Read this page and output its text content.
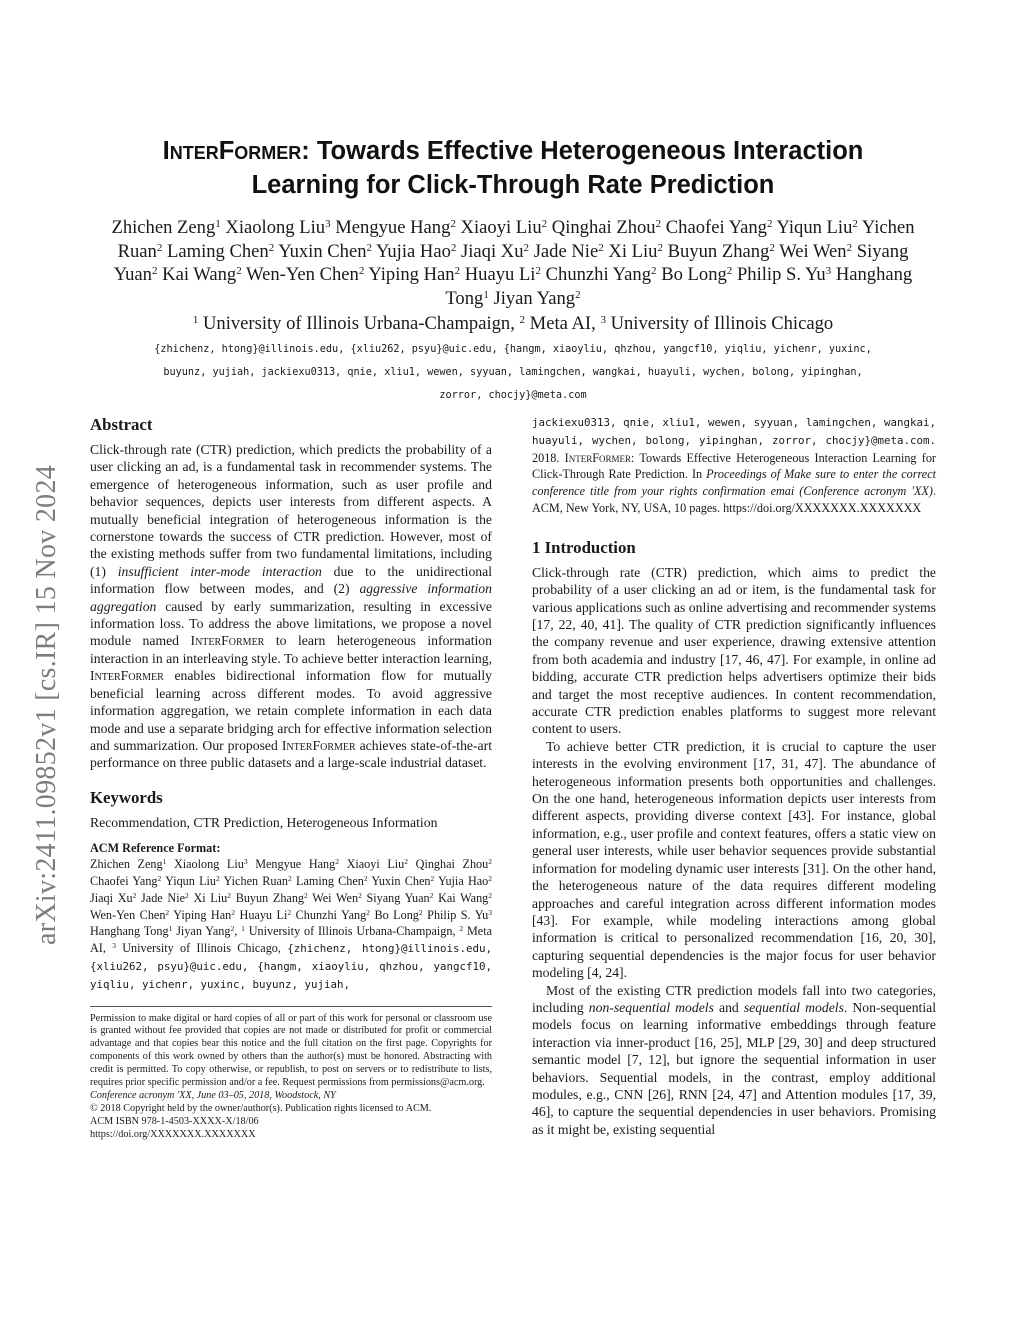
arXiv:2411.09852v1 [cs.IR] 15 Nov 2024
InterFormer: Towards Effective Heterogeneous Interaction
Learning for Click-Through Rate Prediction
Zhichen Zeng$^1$ Xiaolong Liu$^3$ Mengyue Hang$^2$ Xiaoyi Liu$^2$ Qinghai Zhou$^2$ Chaofei Yang$^2$ Yiqun Liu$^2$ Yichen Ruan$^2$ Laming Chen$^2$ Yuxin Chen$^2$ Yujia Hao$^2$ Jiaqi Xu$^2$ Jade Nie$^2$ Xi Liu$^2$ Buyun Zhang$^2$ Wei Wen$^2$ Siyang Yuan$^2$ Kai Wang$^2$ Wen-Yen Chen$^2$ Yiping Han$^2$ Huayu Li$^2$ Chunzhi Yang$^2$ Bo Long$^2$ Philip S. Yu$^3$ Hanghang Tong$^1$ Jiyan Yang$^2$
$^1$ University of Illinois Urbana-Champaign, $^2$ Meta AI, $^3$ University of Illinois Chicago
{zhichenz, htong}@illinois.edu, {xliu262, psyu}@uic.edu, {hangm, xiaoyliu, qhzhou, yangcf10, yiqliu, yichenr, yuxinc,
buyunz, yujiah, jackiexu0313, qnie, xliu1, wewen, syyuan, lamingchen, wangkai, huayuli, wychen, bolong, yipinghan,
zorror, chocjy}@meta.com
Abstract

Click-through rate (CTR) prediction, which predicts the probability of a user clicking an ad, is a fundamental task in recommender systems. The emergence of heterogeneous information, such as user profile and behavior sequences, depicts user interests from different aspects. A mutually beneficial integration of heterogeneous information is the cornerstone towards the success of CTR prediction. However, most of the existing methods suffer from two fundamental limitations, including (1) insufficient inter-mode interaction due to the unidirectional information flow between modes, and (2) aggressive information aggregation caused by early summarization, resulting in excessive information loss. To address the above limitations, we propose a novel module named InterFormer to learn heterogeneous information interaction in an interleaving style. To achieve better interaction learning, InterFormer enables bidirectional information flow for mutually beneficial learning across different modes. To avoid aggressive information aggregation, we retain complete information in each data mode and use a separate bridging arch for effective information selection and summarization. Our proposed InterFormer achieves state-of-the-art performance on three public datasets and a large-scale industrial dataset.

Keywords

Recommendation, CTR Prediction, Heterogeneous Information

ACM Reference Format:
Zhichen Zeng$^1$ Xiaolong Liu$^3$ Mengyue Hang$^2$ Xiaoyi Liu$^2$ Qinghai Zhou$^2$ Chaofei Yang$^2$ Yiqun Liu$^2$ Yichen Ruan$^2$ Laming Chen$^2$ Yuxin Chen$^2$ Yujia Hao$^2$ Jiaqi Xu$^2$ Jade Nie$^2$ Xi Liu$^2$ Buyun Zhang$^2$ Wei Wen$^2$ Siyang Yuan$^2$ Kai Wang$^2$ Wen-Yen Chen$^2$ Yiping Han$^2$ Huayu Li$^2$ Chunzhi Yang$^2$ Bo Long$^2$ Philip S. Yu$^3$ Hanghang Tong$^1$ Jiyan Yang$^2$, $^1$ University of Illinois Urbana-Champaign, $^2$ Meta AI, $^3$ University of Illinois Chicago, {zhichenz, htong}@illinois.edu, {xliu262, psyu}@uic.edu, {hangm, xiaoyliu, qhzhou, yangcf10, yiqliu, yichenr, yuxinc, buyunz, yujiah,
Permission to make digital or hard copies of all or part of this work for personal or classroom use is granted without fee provided that copies are not made or distributed for profit or commercial advantage and that copies bear this notice and the full citation on the first page. Copyrights for components of this work owned by others than the author(s) must be honored. Abstracting with credit is permitted. To copy otherwise, or republish, to post on servers or to redistribute to lists, requires prior specific permission and/or a fee. Request permissions from permissions@acm.org.
Conference acronym 'XX, June 03–05, 2018, Woodstock, NY
© 2018 Copyright held by the owner/author(s). Publication rights licensed to ACM.
ACM ISBN 978-1-4503-XXXX-X/18/06
https://doi.org/XXXXXXX.XXXXXXX
jackiexu0313, qnie, xliu1, wewen, syyuan, lamingchen, wangkai, huayuli, wychen, bolong, yipinghan, zorror, chocjy}@meta.com. 2018. InterFormer: Towards Effective Heterogeneous Interaction Learning for Click-Through Rate Prediction. In Proceedings of Make sure to enter the correct conference title from your rights confirmation emai (Conference acronym 'XX). ACM, New York, NY, USA, 10 pages. https://doi.org/XXXXXXX.XXXXXXX
1 Introduction

Click-through rate (CTR) prediction, which aims to predict the probability of a user clicking an ad or item, is the fundamental task for various applications such as online advertising and recommender systems [17, 22, 40, 41]. The quality of CTR prediction significantly influences the company revenue and user experience, drawing extensive attention from both academia and industry [17, 46, 47]. For example, in online ad bidding, accurate CTR prediction helps advertisers optimize their bids and target the most receptive audiences. In content recommendation, accurate CTR prediction enables platforms to suggest more relevant content to users.

To achieve better CTR prediction, it is crucial to capture the user interests in the evolving environment [17, 31, 47]. The abundance of heterogeneous information presents both opportunities and challenges. On the one hand, heterogeneous information depicts user interests from different aspects, providing diverse context [43]. For instance, global information, e.g., user profile and context features, offers a static view on general user interests, while user behavior sequences provide substantial information for modeling dynamic user interests [31]. On the other hand, the heterogeneous nature of the data requires different modeling approaches and careful integration across different information modes [43]. For example, while modeling interactions among global information is critical to personalized recommendation [16, 20, 30], capturing sequential dependencies is the major focus for user behavior modeling [4, 24].

Most of the existing CTR prediction models fall into two categories, including non-sequential models and sequential models. Non-sequential models focus on learning informative embeddings through feature interaction via inner-product [16, 25], MLP [29, 30] and deep structured semantic model [7, 12], but ignore the sequential information in user behaviors. Sequential models, in the contrast, employ additional modules, e.g., CNN [26], RNN [24, 47] and Attention modules [17, 39, 46], to capture the sequential dependencies in user behaviors. Promising as it might be, existing sequential
